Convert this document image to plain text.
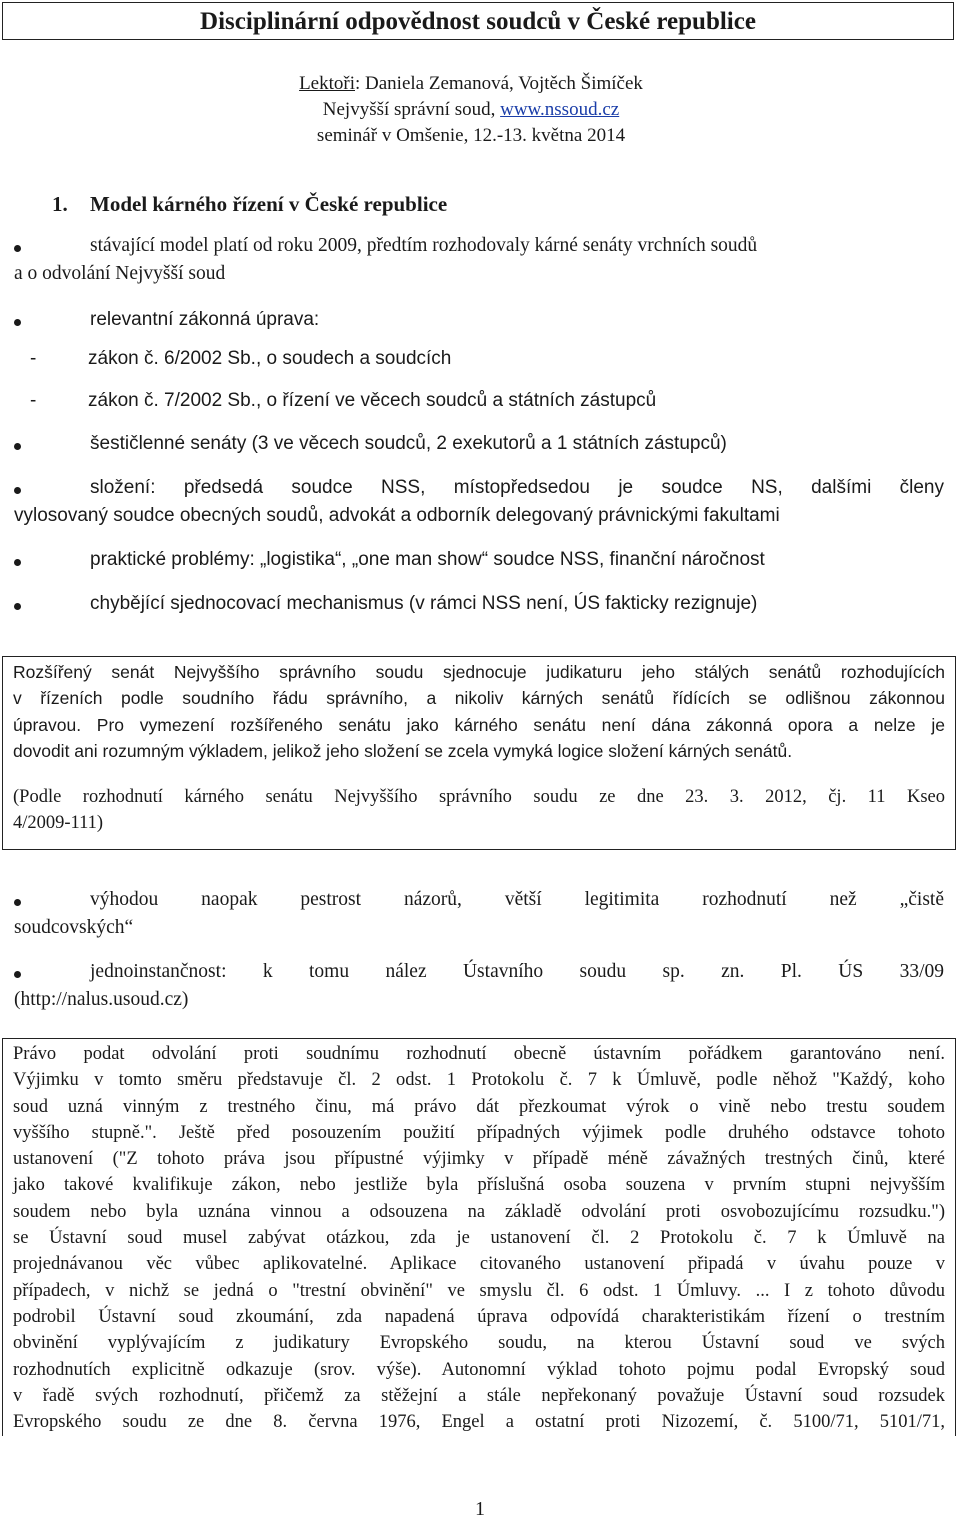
Disciplinární odpovědnost soudců v České republice
Lektoři: Daniela Zemanová, Vojtěch Šimíček
Nejvyšší správní soud, www.nssoud.cz
seminář v Omšenie, 12.-13. května 2014
1. Model kárného řízení v České republice
stávající model platí od roku 2009, předtím rozhodovaly kárné senáty vrchních soudů
a o odvolání Nejvyšší soud
relevantní zákonná úprava:
-	zákon č. 6/2002 Sb., o soudech a soudcích
-	zákon č. 7/2002 Sb., o řízení ve věcech soudců a státních zástupců
šestičlenné senáty (3 ve věcech soudců, 2 exekutorů a 1 státních zástupců)
složení: předsedá soudce NSS, místopředsedou je soudce NS, dalšími členy
vylosovaný soudce obecných soudů, advokát a odborník delegovaný právnickými fakultami
praktické problémy: „logistika“, „one man show“ soudce NSS, finanční náročnost
chybějící sjednocovací mechanismus (v rámci NSS není, ÚS fakticky rezignuje)

Rozšířený senát Nejvyššího správního soudu sjednocuje judikaturu jeho stálých senátů rozhodujících
v řízeních podle soudního řádu správního, a nikoliv kárných senátů řídících se odlišnou zákonnou
úpravou. Pro vymezení rozšířeného senátu jako kárného senátu není dána zákonná opora a nelze je
dovodit ani rozumným výkladem, jelikož jeho složení se zcela vymyká logice složení kárných senátů.

(Podle rozhodnutí kárného senátu Nejvyššího správního soudu ze dne 23. 3. 2012, čj. 11 Kseo
4/2009-111)

výhodou naopak pestrost názorů, větší legitimita rozhodnutí než „čistě
soudcovských“
jednoinstančnost: k tomu nález Ústavního soudu sp. zn. Pl. ÚS 33/09
(http://nalus.usoud.cz)
Právo podat odvolání proti soudnímu rozhodnutí obecně ústavním pořádkem garantováno není.
Výjimku v tomto směru představuje čl. 2 odst. 1 Protokolu č. 7 k Úmluvě, podle něhož "Každý, koho
soud uzná vinným z trestného činu, má právo dát přezkoumat výrok o vině nebo trestu soudem
vyššího stupně.". Ještě před posouzením použití případných výjimek podle druhého odstavce tohoto
ustanovení ("Z tohoto práva jsou přípustné výjimky v případě méně závažných trestných činů, které
jako takové kvalifikuje zákon, nebo jestliže byla příslušná osoba souzena v prvním stupni nejvyšším
soudem nebo byla uznána vinnou a odsouzena na základě odvolání proti osvobozujícímu rozsudku.")
se Ústavní soud musel zabývat otázkou, zda je ustanovení čl. 2 Protokolu č. 7 k Úmluvě na
projednávanou věc vůbec aplikovatelné. Aplikace citovaného ustanovení připadá v úvahu pouze v
případech, v nichž se jedná o "trestní obvinění" ve smyslu čl. 6 odst. 1 Úmluvy. ... I z tohoto důvodu
podrobil Ústavní soud zkoumání, zda napadená úprava odpovídá charakteristikám řízení o trestním
obvinění vyplývajícím z judikatury Evropského soudu, na kterou Ústavní soud ve svých
rozhodnutích explicitně odkazuje (srov. výše). Autonomní výklad tohoto pojmu podal Evropský soud
v řadě svých rozhodnutí, přičemž za stěžejní a stále nepřekonaný považuje Ústavní soud rozsudek
Evropského soudu ze dne 8. června 1976, Engel a ostatní proti Nizozemí, č. 5100/71, 5101/71,
1
